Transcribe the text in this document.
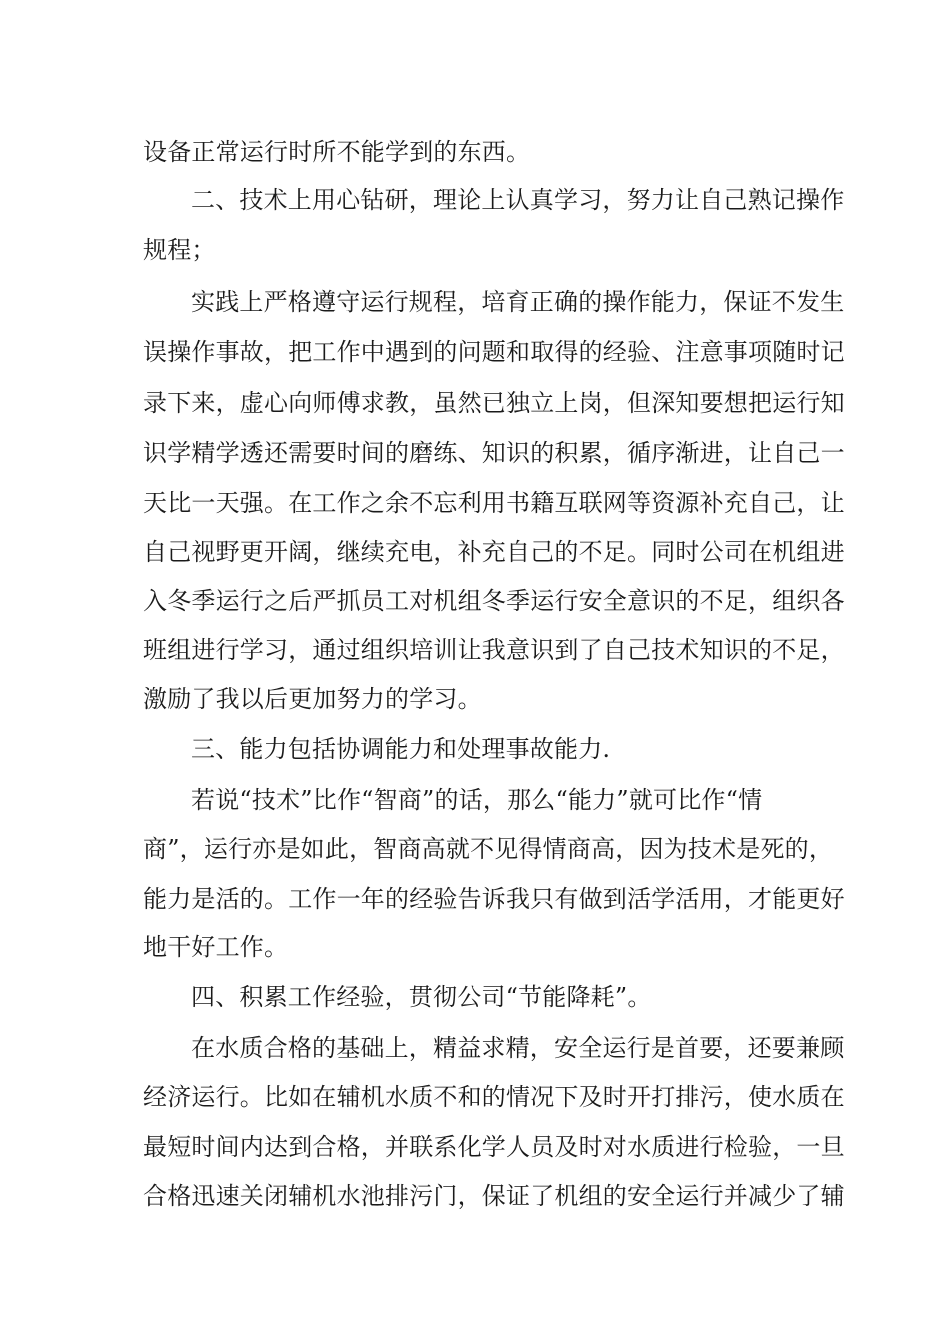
设备正常运行时所不能学到的东西。
二、技术上用心钻研，理论上认真学习，努力让自己熟记操作
规程；
实践上严格遵守运行规程，培育正确的操作能力，保证不发生
误操作事故，把工作中遇到的问题和取得的经验、注意事项随时记
录下来，虚心向师傅求教，虽然已独立上岗，但深知要想把运行知
识学精学透还需要时间的磨练、知识的积累，循序渐进，让自己一
天比一天强。在工作之余不忘利用书籍互联网等资源补充自己，让
自己视野更开阔，继续充电，补充自己的不足。同时公司在机组进
入冬季运行之后严抓员工对机组冬季运行安全意识的不足，组织各
班组进行学习，通过组织培训让我意识到了自己技术知识的不足，
激励了我以后更加努力的学习。
三、能力包括协调能力和处理事故能力.
若说“技术”比作“智商”的话，那么“能力”就可比作“情
商”，运行亦是如此，智商高就不见得情商高，因为技术是死的，
能力是活的。工作一年的经验告诉我只有做到活学活用，才能更好
地干好工作。
四、积累工作经验，贯彻公司“节能降耗”。
在水质合格的基础上，精益求精，安全运行是首要，还要兼顾
经济运行。比如在辅机水质不和的情况下及时开打排污，使水质在
最短时间内达到合格，并联系化学人员及时对水质进行检验，一旦
合格迅速关闭辅机水池排污门，保证了机组的安全运行并减少了辅
